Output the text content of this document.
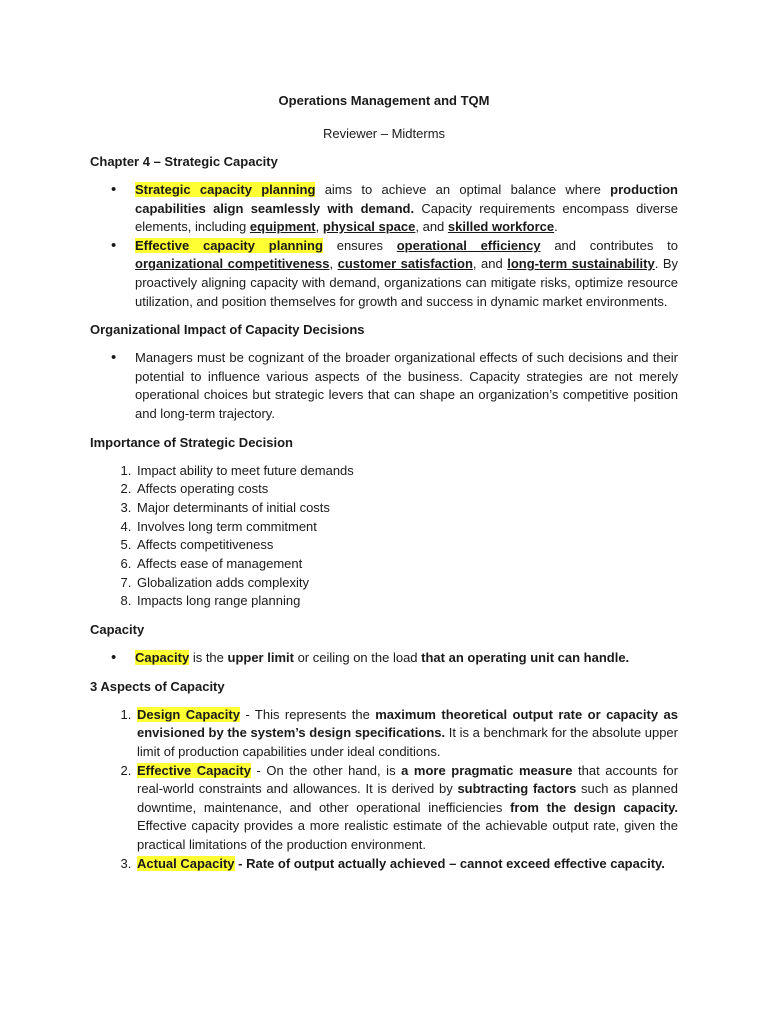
Operations Management and TQM

Reviewer – Midterms

Chapter 4 – Strategic Capacity
• Strategic capacity planning aims to achieve an optimal balance where production capabilities align seamlessly with demand. Capacity requirements encompass diverse elements, including equipment, physical space, and skilled workforce.
• Effective capacity planning ensures operational efficiency and contributes to organizational competitiveness, customer satisfaction, and long-term sustainability. By proactively aligning capacity with demand, organizations can mitigate risks, optimize resource utilization, and position themselves for growth and success in dynamic market environments.
Organizational Impact of Capacity Decisions
• Managers must be cognizant of the broader organizational effects of such decisions and their potential to influence various aspects of the business. Capacity strategies are not merely operational choices but strategic levers that can shape an organization’s competitive position and long-term trajectory.
Importance of Strategic Decision
1. Impact ability to meet future demands
2. Affects operating costs
3. Major determinants of initial costs
4. Involves long term commitment
5. Affects competitiveness
6. Affects ease of management
7. Globalization adds complexity
8. Impacts long range planning
Capacity
• Capacity is the upper limit or ceiling on the load that an operating unit can handle.
3 Aspects of Capacity
1. Design Capacity - This represents the maximum theoretical output rate or capacity as envisioned by the system’s design specifications. It is a benchmark for the absolute upper limit of production capabilities under ideal conditions.
2. Effective Capacity - On the other hand, is a more pragmatic measure that accounts for real-world constraints and allowances. It is derived by subtracting factors such as planned downtime, maintenance, and other operational inefficiencies from the design capacity. Effective capacity provides a more realistic estimate of the achievable output rate, given the practical limitations of the production environment.
3. Actual Capacity - Rate of output actually achieved – cannot exceed effective capacity.
